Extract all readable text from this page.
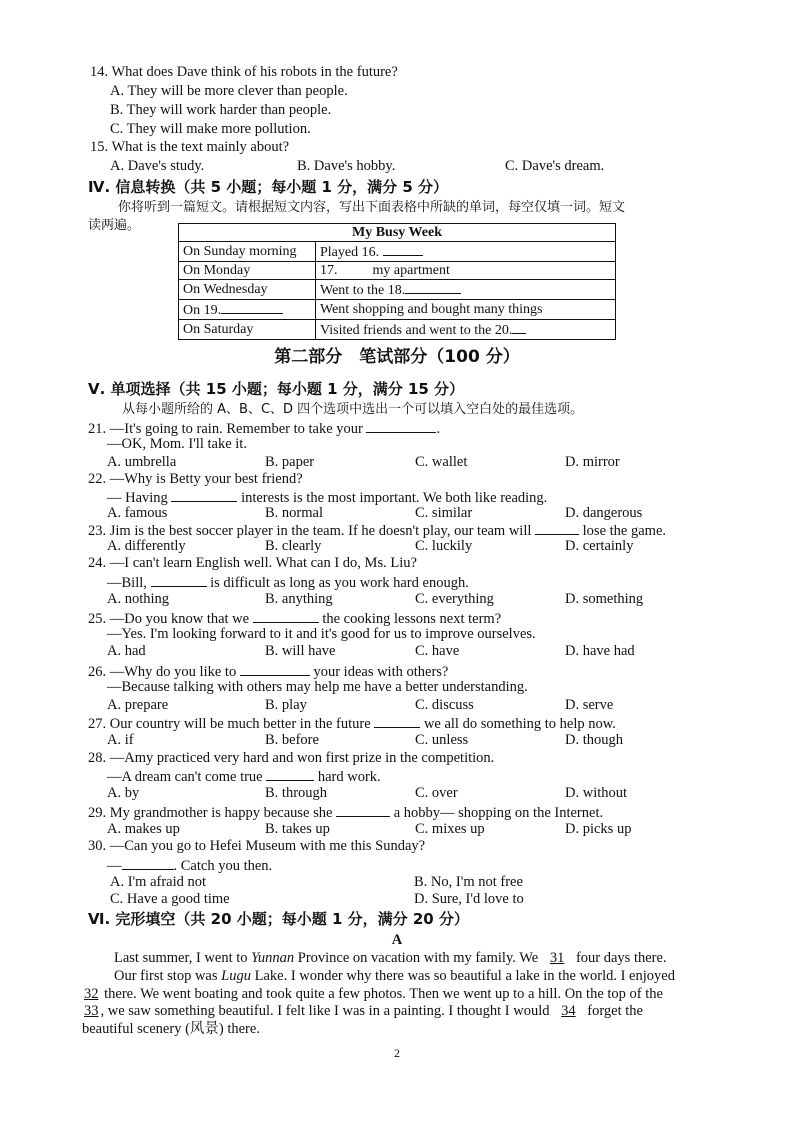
14. What does Dave think of his robots in the future?
A. They will be more clever than people.
B. They will work harder than people.
C. They will make more pollution.
15. What is the text mainly about?
A. Dave's study.	B. Dave's hobby.	C. Dave's dream.
Ⅳ. 信息转换（共 5 小题；每小题 1 分，满分 5 分）
你将听到一篇短文。请根据短文内容，写出下面表格中所缺的单词，每空仅填一词。短文
读两遍。	My Busy Week	
On Sunday morning	Played 16.
On Monday	17.          my apartment
On Wednesday	Went to the 18.
On 19.	Went shopping and bought many things
On Saturday	Visited friends and went to the 20.
第二部分　笔试部分（100 分）
Ⅴ. 单项选择（共 15 小题；每小题 1 分，满分 15 分）
从每小题所给的 A、B、C、D 四个选项中选出一个可以填入空白处的最佳选项。
21. —It's going to rain. Remember to take your	.
—OK, Mom. I'll take it.
A. umbrella	B. paper	C. wallet	D. mirror
22. —Why is Betty your best friend?
— Having	interests is the most important. We both like reading.
A. famous	B. normal	C. similar	D. dangerous
23. Jim is the best soccer player in the team. If he doesn't play, our team will	lose the game.
A. differently	B. clearly	C. luckily	D. certainly
24. —I can't learn English well. What can I do, Ms. Liu?
—Bill,	is difficult as long as you work hard enough.
A. nothing	B. anything	C. everything	D. something
25. —Do you know that we	the cooking lessons next term?
—Yes. I'm looking forward to it and it's good for us to improve ourselves.
A. had	B. will have	C. have	D. have had
26. —Why do you like to	your ideas with others?
—Because talking with others may help me have a better understanding.
A. prepare	B. play	C. discuss	D. serve
27. Our country will be much better in the future	we all do something to help now.
A. if	B. before	C. unless	D. though
28. —Amy practiced very hard and won first prize in the competition.
—A dream can't come true	hard work.
A. by	B. through	C. over	D. without
29. My grandmother is happy because she	a hobby— shopping on the Internet.
A. makes up	B. takes up	C. mixes up	D. picks up
30. —Can you go to Hefei Museum with me this Sunday?
—	. Catch you then.
A. I'm afraid not	B. No, I'm not free
C. Have a good time	D. Sure, I'd love to
Ⅵ. 完形填空（共 20 小题；每小题 1 分，满分 20 分）
A
Last summer, I went to Yunnan Province on vacation with my family. We 31 four days there.
Our first stop was Lugu Lake. I wonder why there was so beautiful a lake in the world. I enjoyed
32 there. We went boating and took quite a few photos. Then we went up to a hill. On the top of the
33 , we saw something beautiful. I felt like I was in a painting. I thought I would 34 forget the
beautiful scenery (风景) there.
2
